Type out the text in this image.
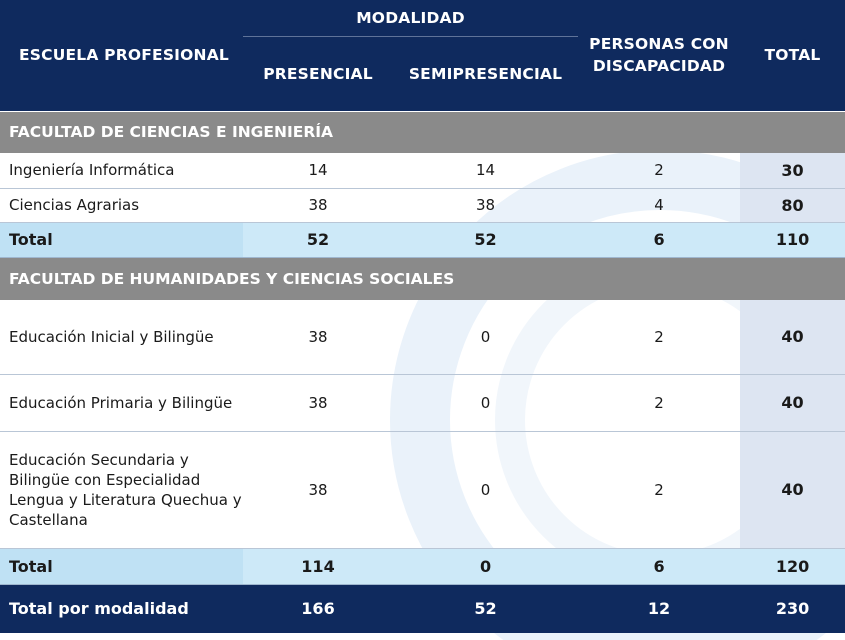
ESCUELA PROFESIONAL	MODALIDAD		PERSONAS CON DISCAPACIDAD	TOTAL
	PRESENCIAL	SEMIPRESENCIAL		
FACULTAD DE CIENCIAS E INGENIERÍA				
Ingeniería Informática	14	14	2	30
Ciencias Agrarias	38	38	4	80
Total	52	52	6	110
FACULTAD DE HUMANIDADES Y CIENCIAS SOCIALES				
Educación Inicial y Bilingüe	38	0	2	40
Educación Primaria y Bilingüe	38	0	2	40
Educación Secundaria y Bilingüe con Especialidad Lengua y Literatura Quechua y Castellana	38	0	2	40
Total	114	0	6	120
Total por modalidad	166	52	12	230
